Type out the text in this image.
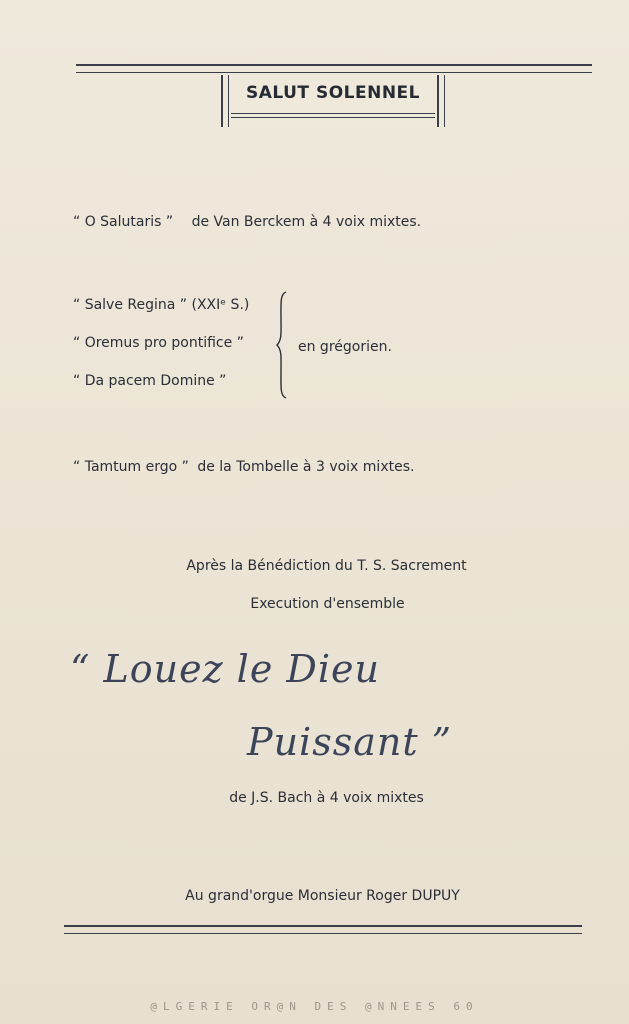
SALUT SOLENNEL
“ O Salutaris ” de Van Berckem à 4 voix mixtes.
“ Salve Regina ” (XXIᵉ S.)
“ Oremus pro pontifice ”
“ Da pacem Domine ”
en grégorien.
“ Tamtum ergo ” de la Tombelle à 3 voix mixtes.
Après la Bénédiction du T. S. Sacrement
Execution d'ensemble
“ Louez le Dieu
Puissant ”
de J.S. Bach à 4 voix mixtes
Au grand'orgue Monsieur Roger DUPUY
@LGERIE OR@N DES @NNEES 60
